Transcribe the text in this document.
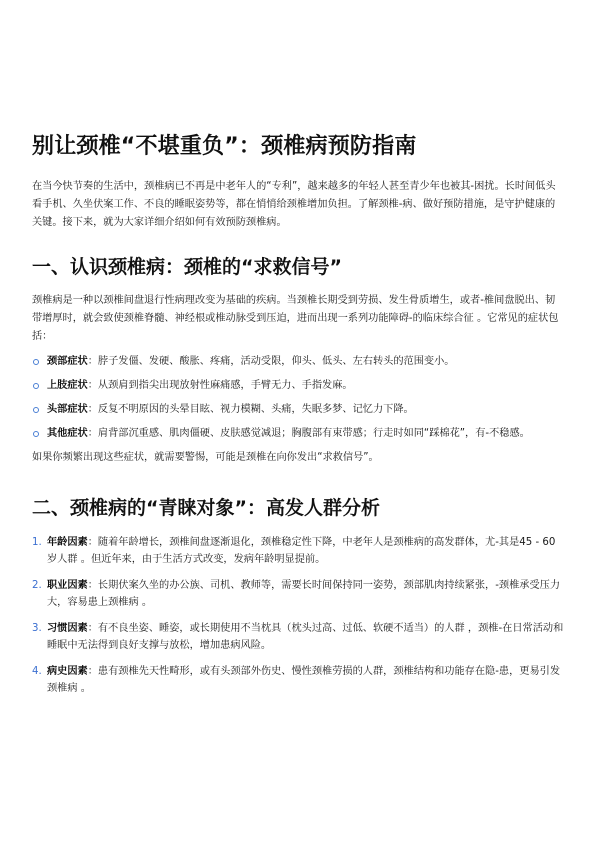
别让颈椎“不堪重负”：颈椎病预防指南

在当今快节奏的生活中，颈椎病已不再是中老年人的“专利”，越来越多的年轻人甚至青少年也被其-困扰。长时间低头看手机、久坐伏案工作、不良的睡眠姿势等，都在悄悄给颈椎增加负担。了解颈椎-病、做好预防措施，是守护健康的关键。接下来，就为大家详细介绍如何有效预防颈椎病。

一、认识颈椎病：颈椎的“求救信号”

颈椎病是一种以颈椎间盘退行性病理改变为基础的疾病。当颈椎长期受到劳损、发生骨质增生，或者-椎间盘脱出、韧带增厚时，就会致使颈椎脊髓、神经根或椎动脉受到压迫，进而出现一系列功能障碍-的临床综合征 。它常见的症状包括：

颈部症状：脖子发僵、发硬、酸胀、疼痛，活动受限，仰头、低头、左右转头的范围变小。
上肢症状：从颈肩到指尖出现放射性麻痛感，手臂无力、手指发麻。
头部症状：反复不明原因的头晕目眩、视力模糊、头痛，失眠多梦、记忆力下降。
其他症状：肩背部沉重感、肌肉僵硬、皮肤感觉减退；胸腹部有束带感；行走时如同“踩棉花”，有-不稳感。

如果你频繁出现这些症状，就需要警惕，可能是颈椎在向你发出“求救信号”。

二、颈椎病的“青睐对象”：高发人群分析
1. 年龄因素：随着年龄增长，颈椎间盘逐渐退化，颈椎稳定性下降，中老年人是颈椎病的高发群体，尤-其是45 - 60岁人群 。但近年来，由于生活方式改变，发病年龄明显提前。
2. 职业因素：长期伏案久坐的办公族、司机、教师等，需要长时间保持同一姿势，颈部肌肉持续紧张，-颈椎承受压力大，容易患上颈椎病 。
3. 习惯因素：有不良坐姿、睡姿，或长期使用不当枕具（枕头过高、过低、软硬不适当）的人群 ，颈椎-在日常活动和睡眠中无法得到良好支撑与放松，增加患病风险。
4. 病史因素：患有颈椎先天性畸形，或有头颈部外伤史、慢性颈椎劳损的人群，颈椎结构和功能存在隐-患，更易引发颈椎病 。
